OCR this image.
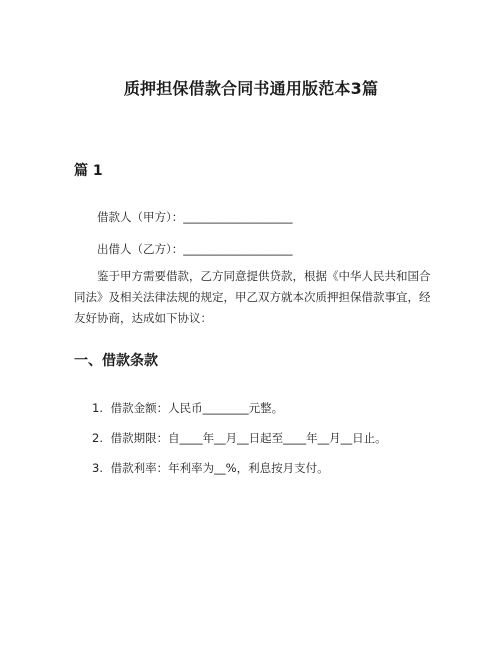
质押担保借款合同书通用版范本3篇
篇 1
借款人（甲方）：___________________
出借人（乙方）：___________________
鉴于甲方需要借款，乙方同意提供贷款，根据《中华人民共和国合同法》及相关法律法规的规定，甲乙双方就本次质押担保借款事宜，经友好协商，达成如下协议：
一、借款条款
1. 借款金额：人民币________元整。
2. 借款期限：自____年__月__日起至____年__月__日止。
3. 借款利率：年利率为__%，利息按月支付。
